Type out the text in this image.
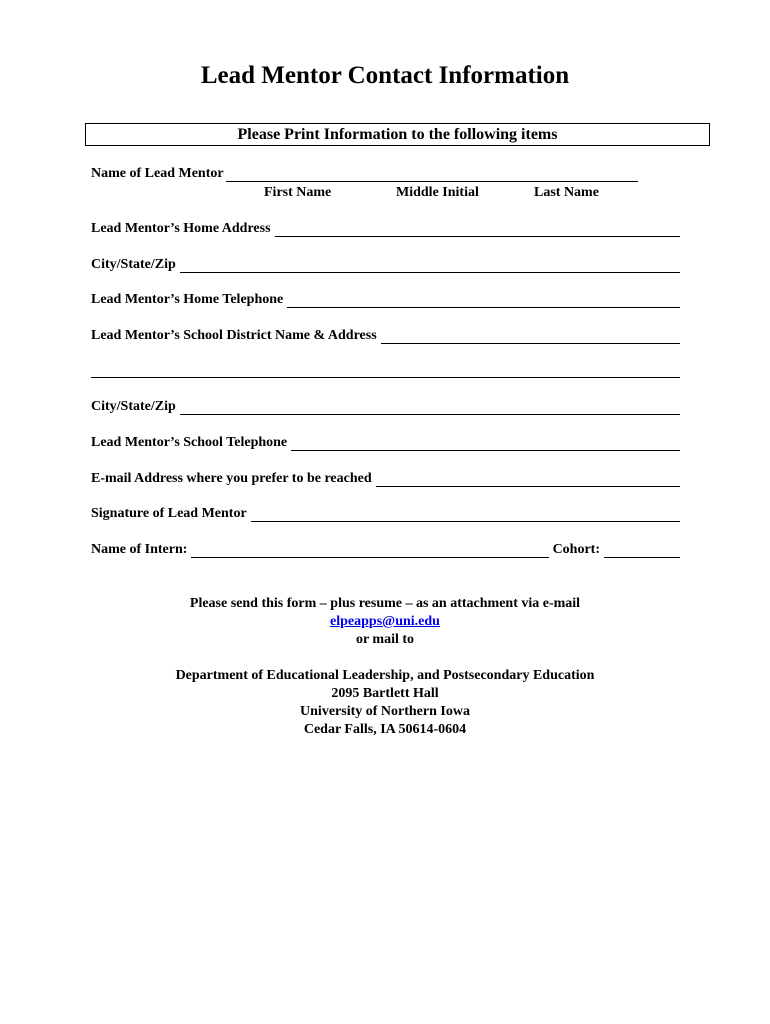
Lead Mentor Contact Information
Please Print Information to the following items
Name of Lead Mentor
First Name	Middle Initial	Last Name
Lead Mentor’s Home Address
City/State/Zip
Lead Mentor’s Home Telephone
Lead Mentor’s School District Name & Address
City/State/Zip
Lead Mentor’s School Telephone
E-mail Address where you prefer to be reached
Signature of Lead Mentor
Name of Intern:	Cohort:
Please send this form – plus resume – as an attachment via e-mail
elpeapps@uni.edu
or mail to
Department of Educational Leadership, and Postsecondary Education
2095 Bartlett Hall
University of Northern Iowa
Cedar Falls, IA 50614-0604
